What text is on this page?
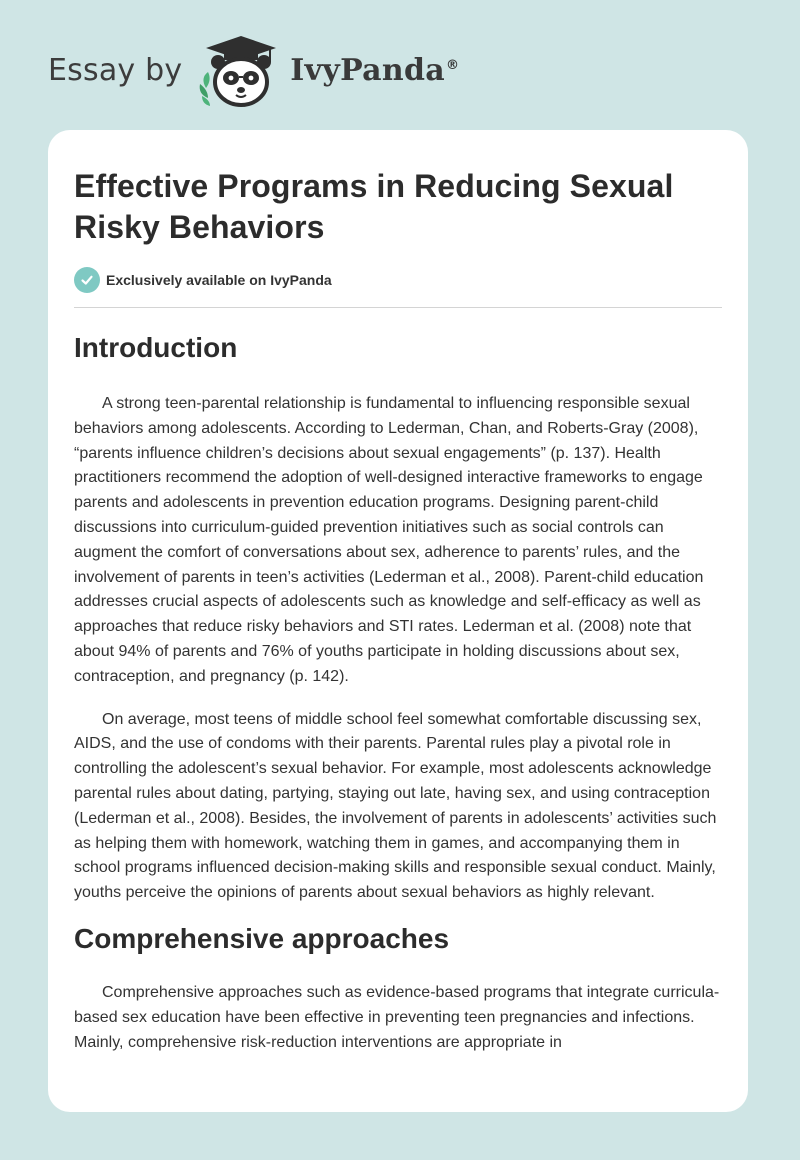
Essay by	IvyPanda®
Effective Programs in Reducing Sexual Risky Behaviors
Exclusively available on IvyPanda
Introduction

A strong teen-parental relationship is fundamental to influencing responsible sexual behaviors among adolescents. According to Lederman, Chan, and Roberts-Gray (2008), “parents influence children’s decisions about sexual engagements” (p. 137). Health practitioners recommend the adoption of well-designed interactive frameworks to engage parents and adolescents in prevention education programs. Designing parent-child discussions into curriculum-guided prevention initiatives such as social controls can augment the comfort of conversations about sex, adherence to parents’ rules, and the involvement of parents in teen’s activities (Lederman et al., 2008). Parent-child education addresses crucial aspects of adolescents such as knowledge and self-efficacy as well as approaches that reduce risky behaviors and STI rates. Lederman et al. (2008) note that about 94% of parents and 76% of youths participate in holding discussions about sex, contraception, and pregnancy (p. 142).

On average, most teens of middle school feel somewhat comfortable discussing sex, AIDS, and the use of condoms with their parents. Parental rules play a pivotal role in controlling the adolescent’s sexual behavior. For example, most adolescents acknowledge parental rules about dating, partying, staying out late, having sex, and using contraception (Lederman et al., 2008). Besides, the involvement of parents in adolescents’ activities such as helping them with homework, watching them in games, and accompanying them in school programs influenced decision-making skills and responsible sexual conduct. Mainly, youths perceive the opinions of parents about sexual behaviors as highly relevant.

Comprehensive approaches

Comprehensive approaches such as evidence-based programs that integrate curricula-based sex education have been effective in preventing teen pregnancies and infections. Mainly, comprehensive risk-reduction interventions are appropriate in
